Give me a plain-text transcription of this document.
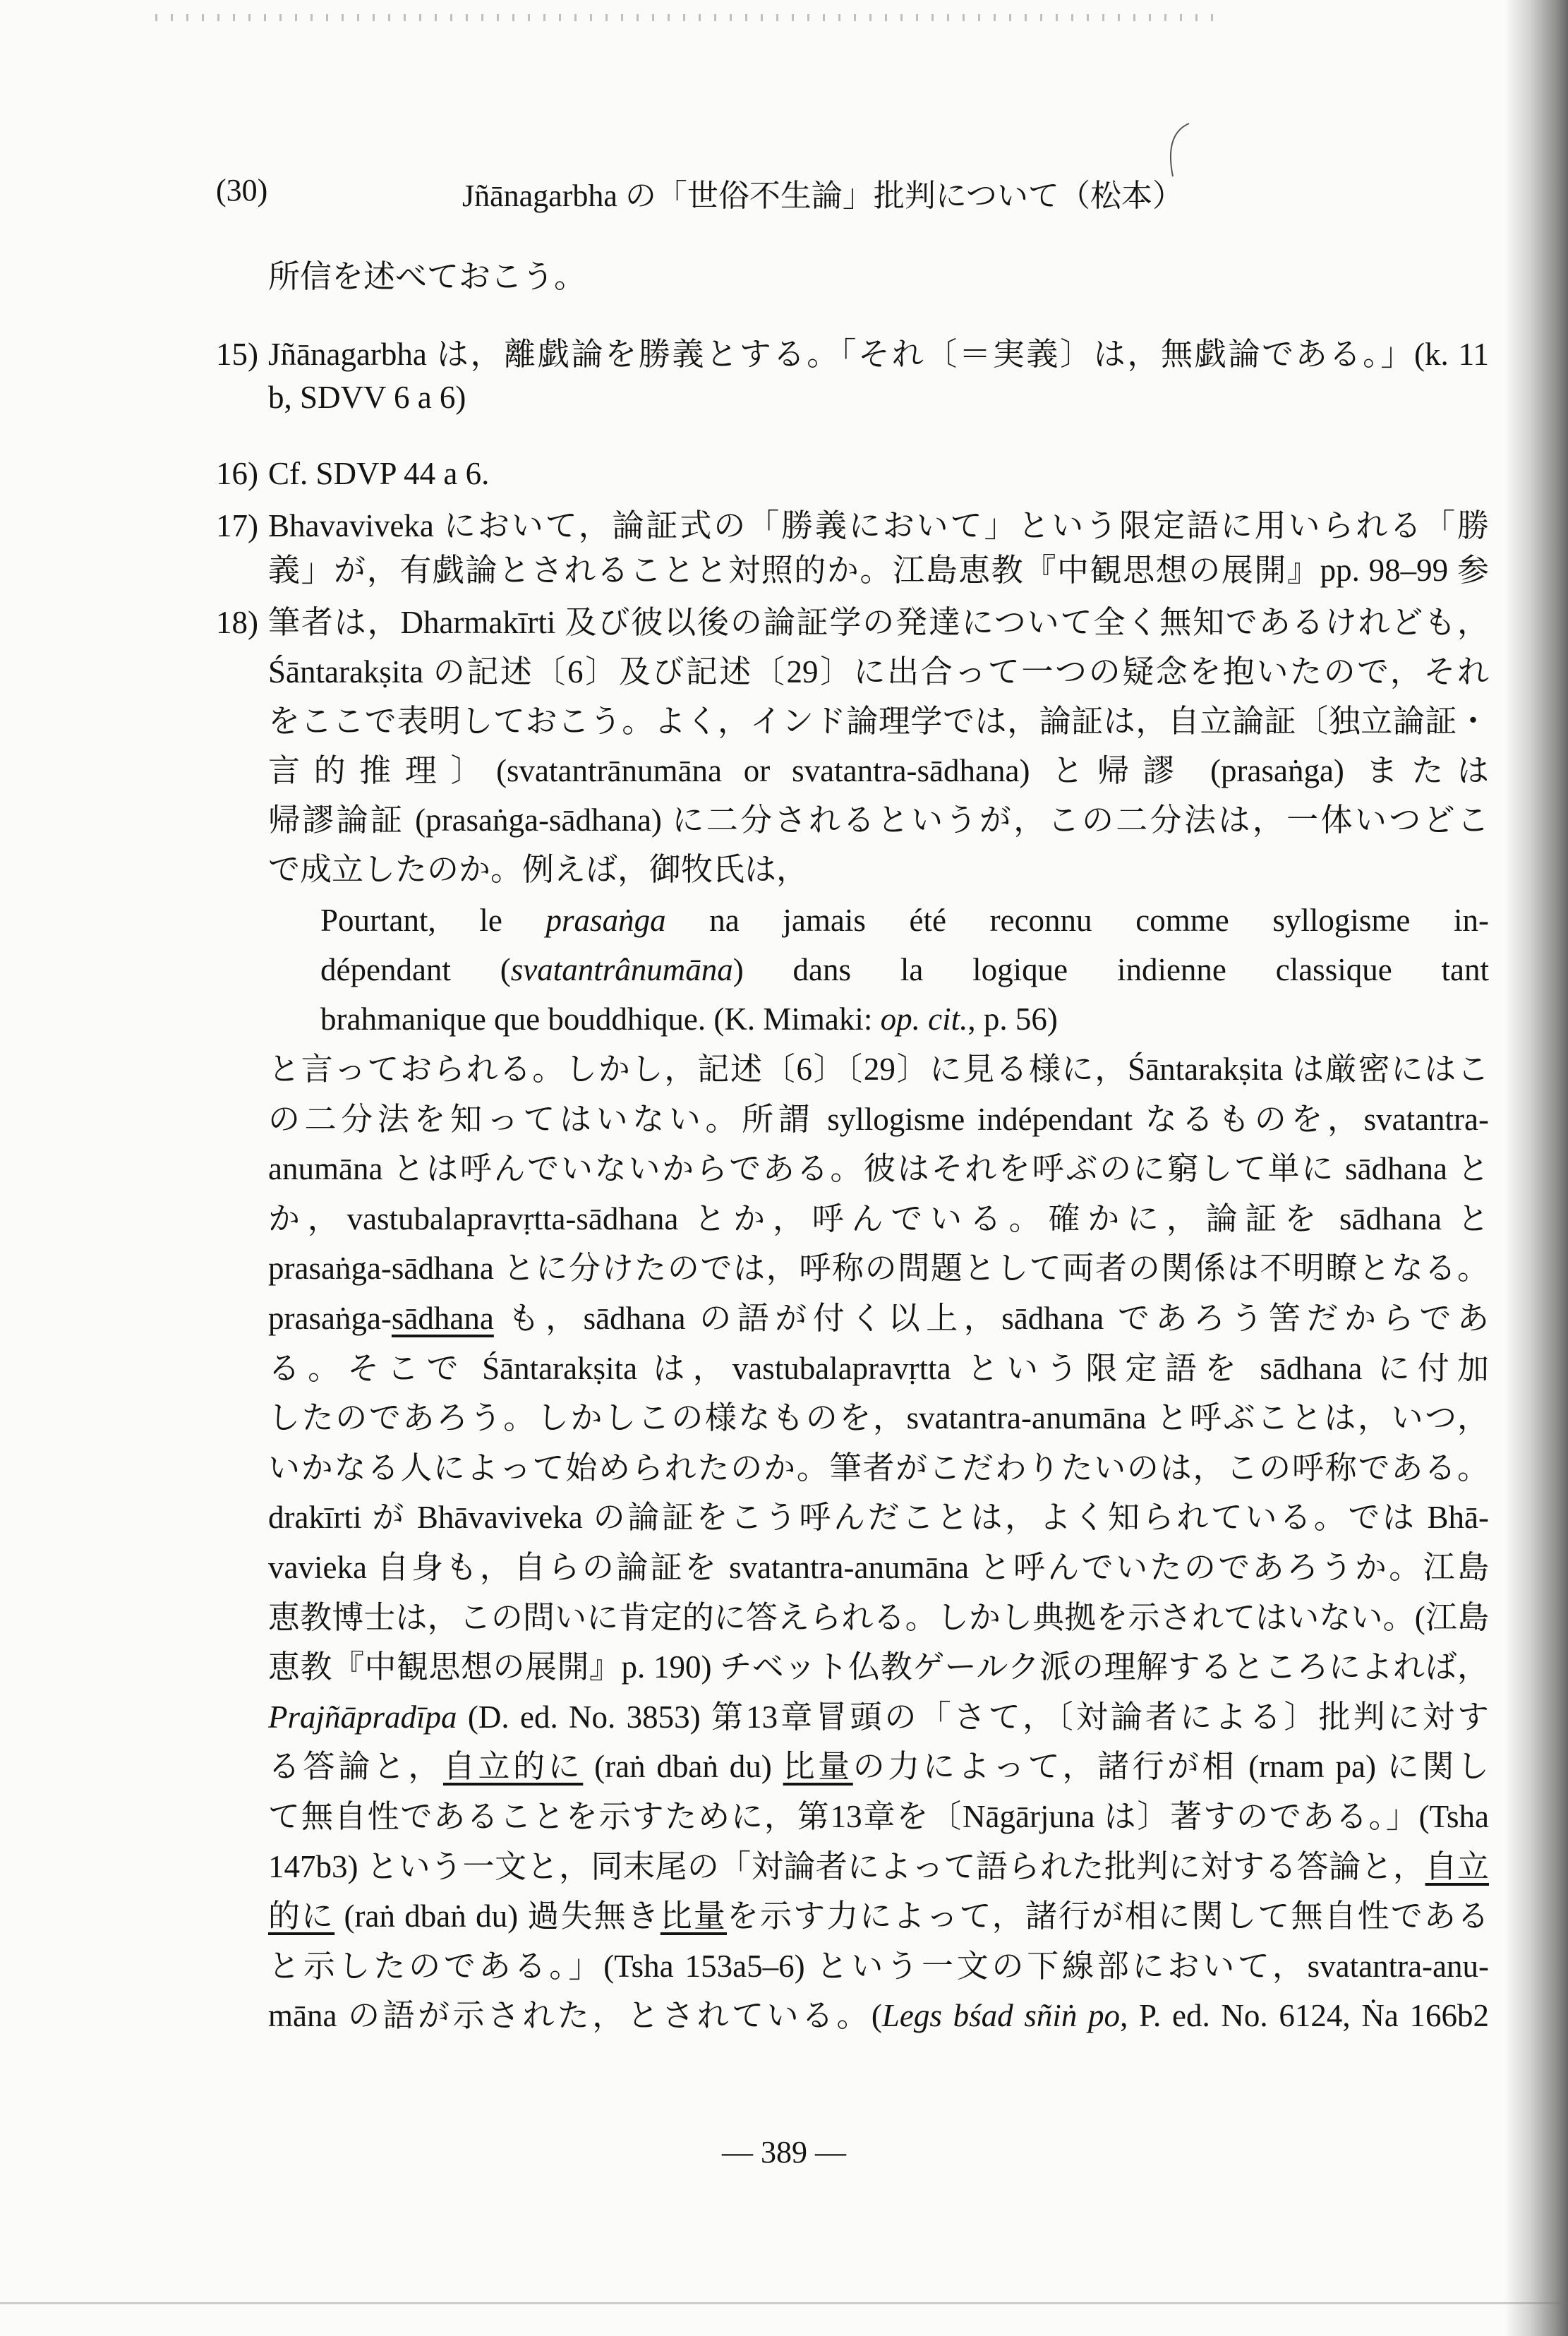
(30)	Jñānagarbha の「世俗不生論」批判について（松本）
所信を述べておこう。
15) Jñānagarbha は，離戯論を勝義とする。「それ〔＝実義〕は，無戯論である。」(k. 11
b, SDVV 6 a 6)
16) Cf. SDVP 44 a 6.
17) Bhavaviveka において，論証式の「勝義において」という限定語に用いられる「勝
義」が，有戯論とされることと対照的か。江島恵教『中観思想の展開』pp. 98–99 参
18) 筆者は，Dharmakīrti 及び彼以後の論証学の発達について全く無知であるけれども，
Śāntarakṣita の記述〔6〕及び記述〔29〕に出合って一つの疑念を抱いたので，それ
をここで表明しておこう。よく，インド論理学では，論証は，自立論証〔独立論証・
言的推理〕(svatantrānumāna or svatantra-sādhana) と帰謬 (prasaṅga) または
帰謬論証 (prasaṅga-sādhana) に二分されるというが，この二分法は，一体いつどこ
で成立したのか。例えば，御牧氏は，
Pourtant, le prasaṅga na jamais été reconnu comme syllogisme in-
dépendant (svatantrânumāna) dans la logique indienne classique tant
brahmanique que bouddhique. (K. Mimaki: op. cit., p. 56)
と言っておられる。しかし，記述〔6〕〔29〕に見る様に，Śāntarakṣita は厳密にはこ
の二分法を知ってはいない。所謂 syllogisme indépendant なるものを，svatantra-
anumāna とは呼んでいないからである。彼はそれを呼ぶのに窮して単に sādhana と
か，vastubalapravṛtta-sādhana とか，呼んでいる。確かに，論証を sādhana と
prasaṅga-sādhana とに分けたのでは，呼称の問題として両者の関係は不明瞭となる。
prasaṅga-sādhana も，sādhana の語が付く以上，sādhana であろう筈だからであ
る。そこで Śāntarakṣita は，vastubalapravṛtta という限定語を sādhana に付加
したのであろう。しかしこの様なものを，svatantra-anumāna と呼ぶことは，いつ，
いかなる人によって始められたのか。筆者がこだわりたいのは，この呼称である。
drakīrti が Bhāvaviveka の論証をこう呼んだことは，よく知られている。では Bhā-
vavieka 自身も，自らの論証を svatantra-anumāna と呼んでいたのであろうか。江島
恵教博士は，この問いに肯定的に答えられる。しかし典拠を示されてはいない。(江島
恵教『中観思想の展開』p. 190) チベット仏教ゲールク派の理解するところによれば，
Prajñāpradīpa (D. ed. No. 3853) 第13章冒頭の「さて，〔対論者による〕批判に対す
る答論と，自立的に (raṅ dbaṅ du) 比量の力によって，諸行が相 (rnam pa) に関し
て無自性であることを示すために，第13章を〔Nāgārjuna は〕著すのである。」(Tsha
147b3) という一文と，同末尾の「対論者によって語られた批判に対する答論と，自立
的に (raṅ dbaṅ du) 過失無き比量を示す力によって，諸行が相に関して無自性である
と示したのである。」(Tsha 153a5–6) という一文の下線部において，svatantra-anu-
māna の語が示された，とされている。(Legs bśad sñiṅ po, P. ed. No. 6124, Ṅa 166b2
— 389 —
